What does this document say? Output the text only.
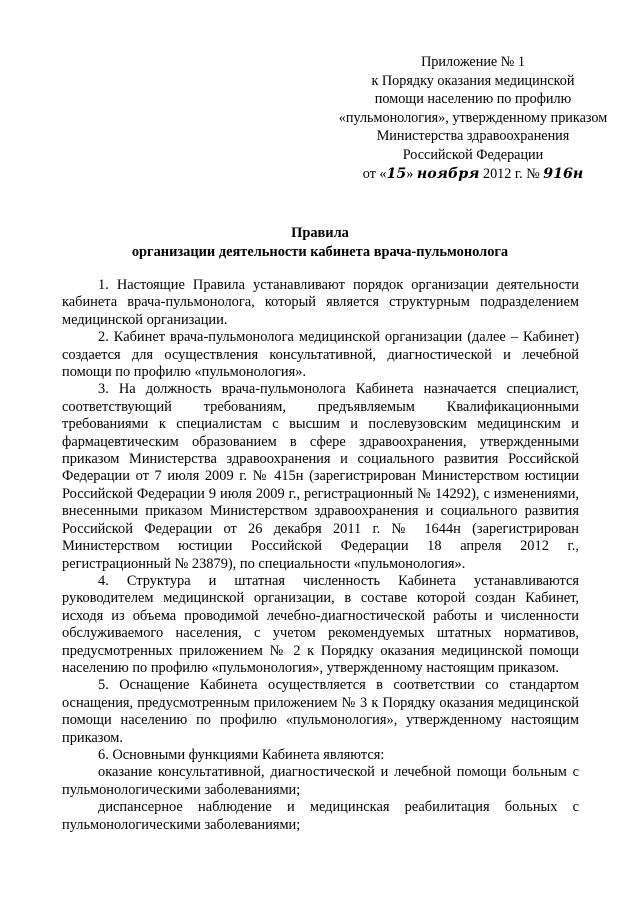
Приложение № 1
к Порядку оказания медицинской
помощи населению по профилю
«пульмонология», утвержденному приказом
Министерства здравоохранения
Российской Федерации
от «15» ноября 2012 г. № 916н
Правила
организации деятельности кабинета врача-пульмонолога

1. Настоящие Правила устанавливают порядок организации деятельности кабинета врача-пульмонолога, который является структурным подразделением медицинской организации.

2. Кабинет врача-пульмонолога медицинской организации (далее – Кабинет) создается для осуществления консультативной, диагностической и лечебной помощи по профилю «пульмонология».

3. На должность врача-пульмонолога Кабинета назначается специалист, соответствующий требованиям, предъявляемым Квалификационными требованиями к специалистам с высшим и послевузовским медицинским и фармацевтическим образованием в сфере здравоохранения, утвержденными приказом Министерства здравоохранения и социального развития Российской Федерации от 7 июля 2009 г. № 415н (зарегистрирован Министерством юстиции Российской Федерации 9 июля 2009 г., регистрационный № 14292), с изменениями, внесенными приказом Министерством здравоохранения и социального развития Российской Федерации от 26 декабря 2011 г. № 1644н (зарегистрирован Министерством юстиции Российской Федерации 18 апреля 2012 г., регистрационный № 23879), по специальности «пульмонология».

4. Структура и штатная численность Кабинета устанавливаются руководителем медицинской организации, в составе которой создан Кабинет, исходя из объема проводимой лечебно-диагностической работы и численности обслуживаемого населения, с учетом рекомендуемых штатных нормативов, предусмотренных приложением № 2 к Порядку оказания медицинской помощи населению по профилю «пульмонология», утвержденному настоящим приказом.

5. Оснащение Кабинета осуществляется в соответствии со стандартом оснащения, предусмотренным приложением № 3 к Порядку оказания медицинской помощи населению по профилю «пульмонология», утвержденному настоящим приказом.

6. Основными функциями Кабинета являются:

оказание консультативной, диагностической и лечебной помощи больным с пульмонологическими заболеваниями;

диспансерное наблюдение и медицинская реабилитация больных с пульмонологическими заболеваниями;
